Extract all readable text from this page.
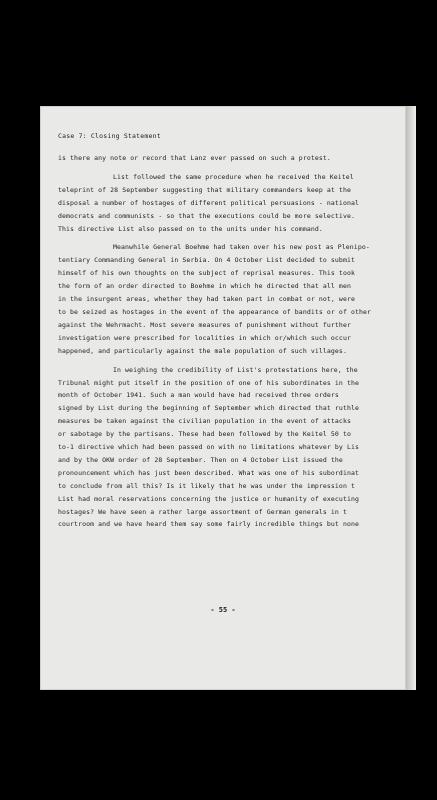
Case 7: Closing Statement
is there any note or record that Lanz ever passed on such a protest.
List followed the same procedure when he received the Keitel
teleprint of 28 September suggesting that military commanders keep at the
disposal a number of hostages of different political persuasions - national
democrats and communists - so that the executions could be more selective.
This directive List also passed on to the units under his command.
Meanwhile General Boehme had taken over his new post as Plenipo-
tentiary Commanding General in Serbia. On 4 October List decided to submit
himself of his own thoughts on the subject of reprisal measures. This took
the form of an order directed to Boehme in which he directed that all men
in the insurgent areas, whether they had taken part in combat or not, were
to be seized as hostages in the event of the appearance of bandits or of other
against the Wehrmacht. Most severe measures of punishment without further
investigation were prescribed for localities in which or/which such occur
happened, and particularly against the male population of such villages.
In weighing the credibility of List's protestations here, the
Tribunal might put itself in the position of one of his subordinates in the
month of October 1941. Such a man would have had received three orders
signed by List during the beginning of September which directed that ruthle
measures be taken against the civilian population in the event of attacks
or sabotage by the partisans. These had been followed by the Keitel 50 to
to-1 directive which had been passed on with no limitations whatever by Lis
and by the OKW order of 28 September. Then on 4 October List issued the
pronouncement which has just been described. What was one of his subordinat
to conclude from all this? Is it likely that he was under the impression t
List had moral reservations concerning the justice or humanity of executing
hostages? We have seen a rather large assortment of German generals in t
courtroom and we have heard them say some fairly incredible things but none
- 55 -
